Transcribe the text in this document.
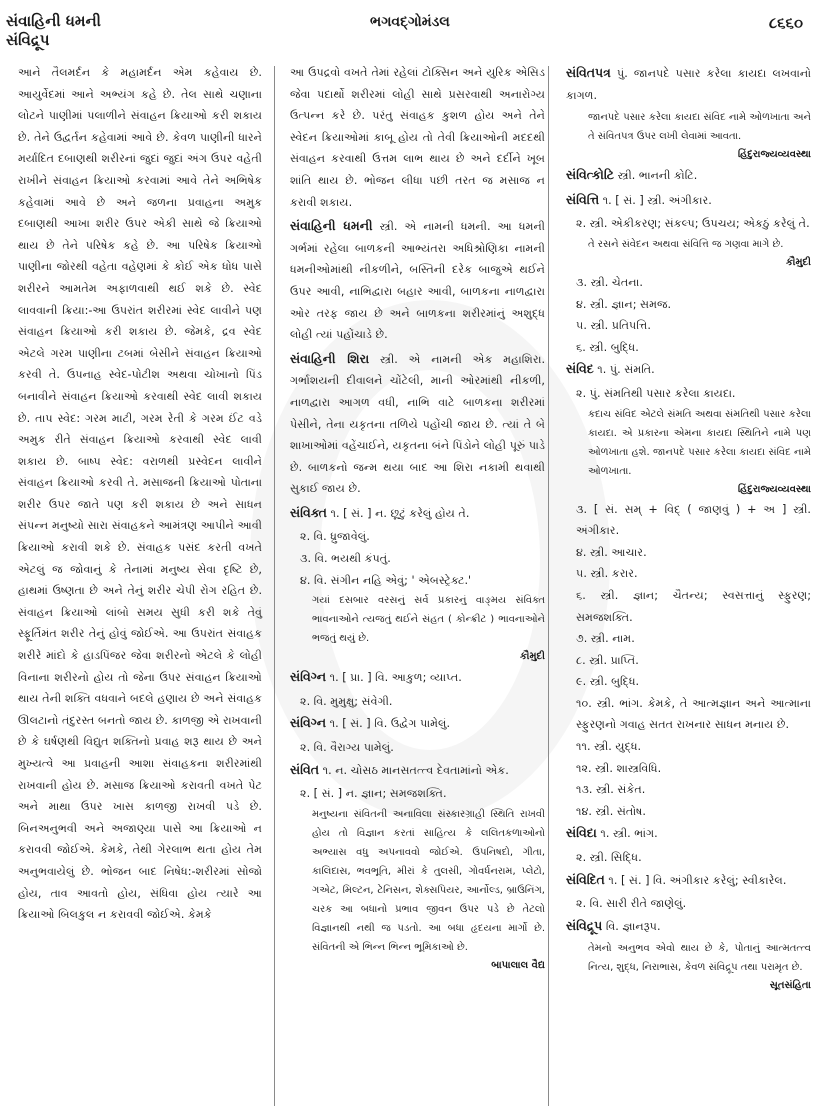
સંવાહિની ધમની
સંવિદ્રૂપ
ભગવદ્ગોમંડલ	૮૬૬૦

આને તૈલમર્દન કે મહામર્દન એમ કહેવાય છે. આયુર્વેદમાં આને અભ્યંગ કહે છે. તેલ સાથે ચણાના લોટને પાણીમાં પલાળીને સંવાહન ક્રિયાઓ કરી શકાય છે. તેને ઉદ્વર્તન કહેવામાં આવે છે. કેવળ પાણીની ધારને મર્યાદિત દબાણથી શરીરનાં જુદાં જુદાં અંગ ઉપર વહેતી રાખીને સંવાહન ક્રિયાઓ કરવામાં આવે તેને અભિષેક કહેવામાં આવે છે અને જળના પ્રવાહના અમુક દબાણથી આખા શરીર ઉપર એકી સાથે જે ક્રિયાઓ થાય છે તેને પરિષેક કહે છે. આ પરિષેક ક્રિયાઓ પાણીના જોરથી વહેતા વહેણમાં કે કોઈ એક ધોધ પાસે શરીરને આમતેમ અફાળવાથી થઈ શકે છે. સ્વેદ લાવવાની ક્રિયા:-આ ઉપરાંત શરીરમાં સ્વેદ લાવીને પણ સંવાહન ક્રિયાઓ કરી શકાય છે. જેમકે, દ્રવ સ્વેદ એટલે ગરમ પાણીના ટબમાં બેસીને સંવાહન ક્રિયાઓ કરવી તે. ઉપનાહ સ્વેદ-પોટીશ અથવા ચોખાનો પિંડ બનાવીને સંવાહન ક્રિયાઓ કરવાથી સ્વેદ લાવી શકાય છે. તાપ સ્વેદ: ગરમ માટી, ગરમ રેતી કે ગરમ ઈંટ વડે અમુક રીતે સંવાહન ક્રિયાઓ કરવાથી સ્વેદ લાવી શકાય છે. બાષ્પ સ્વેદ: વરાળથી પ્રસ્વેદન લાવીને સંવાહન ક્રિયાઓ કરવી તે. મસાજની ક્રિયાઓ પોતાના શરીર ઉપર જાતે પણ કરી શકાય છે અને સાધન સંપન્ન મનુષ્યો સારા સંવાહકને આમંત્રણ આપીને આવી ક્રિયાઓ કરાવી શકે છે. સંવાહક પસંદ કરતી વખતે એટલું જ જોવાનું કે તેનામાં મનુષ્ય સેવા દૃષ્ટિ છે, હાથમાં ઉષ્ણતા છે અને તેનું શરીર ચેપી રોગ રહિત છે. સંવાહન ક્રિયાઓ લાંબો સમય સુધી કરી શકે તેવું સ્ફૂર્તિમંત શરીર તેનું હોવું જોઈએ. આ ઉપરાંત સંવાહક શરીરે માંદો કે હાડપિંજર જેવા શરીરનો એટલે કે લોહી વિનાના શરીરનો હોય તો જેના ઉપર સંવાહન ક્રિયાઓ થાય તેની શક્તિ વધવાને બદલે હણાય છે અને સંવાહક ઊલટાનો તંદુરસ્ત બનતો જાય છે. કાળજી એ રાખવાની છે કે ઘર્ષણથી વિદ્યુત શક્તિનો પ્રવાહ શરૂ થાય છે અને મુખ્યત્વે આ પ્રવાહની આશા સંવાહકના શરીરમાંથી રાખવાની હોય છે. મસાજ ક્રિયાઓ કરાવતી વખતે પેટ અને માથા ઉપર ખાસ કાળજી રાખવી પડે છે. બિનઅનુભવી અને અજાણ્યા પાસે આ ક્રિયાઓ ન કરાવવી જોઈએ. કેમકે, તેથી ગેરલાભ થતા હોય તેમ અનુભવાયેલું છે. ભોજન બાદ નિષેધ:-શરીરમાં સોજો હોય, તાવ આવતો હોય, સંધિવા હોય ત્યારે આ ક્રિયાઓ બિલકુલ ન કરાવવી જોઈએ. કેમકે

આ ઉપદ્રવો વખતે તેમાં રહેલાં ટોક્સિન અને યુરિક એસિડ જેવા પદાર્થો શરીરમાં લોહી સાથે પ્રસરવાથી અનારોગ્ય ઉત્પન્ન કરે છે. પરંતુ સંવાહક કુશળ હોય અને તેને સ્વેદન ક્રિયાઓમાં કાબૂ હોય તો તેવી ક્રિયાઓની મદદથી સંવાહન કરવાથી ઉત્તમ લાભ થાય છે અને દર્દીને ખૂબ શાંતિ થાય છે. ભોજન લીધા પછી તરત જ મસાજ ન કરાવી શકાય.

સંવાહિની ધમની સ્ત્રી. એ નામની ધમની. આ ધમની ગર્ભમાં રહેલા બાળકની આભ્યંતરા અધિશ્રોણિકા નામની ધમનીઓમાંથી નીકળીને, બસ્તિની દરેક બાજુએ થઈને ઉપર આવી, નાભિદ્વારા બહાર આવી, બાળકના નાળદ્વારા ઓર તરફ જાય છે અને બાળકના શરીરમાંનું અશુદ્ધ લોહી ત્યાં પહોંચાડે છે.

સંવાહિની શિરા સ્ત્રી. એ નામની એક મહાશિરા. ગર્ભાશયની દીવાલને ચોંટેલી, માની ઓરમાંથી નીકળી, નાળદ્વારા આગળ વધી, નાભિ વાટે બાળકના શરીરમાં પેસીને, તેના યકૃતના તળિયે પહોંચી જાય છે. ત્યાં તે બે શાખાઓમાં વહેંચાઈને, યકૃતના બંને પિંડોને લોહી પૂરું પાડે છે. બાળકનો જન્મ થયા બાદ આ શિરા નકામી થવાથી સુકાઈ જાય છે.

સંવિક્ત ૧. [ સં. ] ન. છૂટું કરેલું હોય તે.

૨. વિ. ધ્રુજાવેલું.

૩. વિ. ભયથી કંપતું.

૪. વિ. સંગીન નહિ એવું; ' એબસ્ટ્રેક્ટ.'

ગયાં દસબાર વરસનું સર્વ પ્રકારનું વાઙ્મય સંવિક્ત ભાવનાઓને ત્યજતું થઈને સંહત ( કોન્ક્રીટ ) ભાવનાઓને ભજતું થયું છે.

કૌમુદી

સંવિગ્ન ૧. [ પ્રા. ] વિ. આકુળ; વ્યાપ્ત.

૨. વિ. મુમુક્ષુ; સંવેગી.

સંવિગ્ન ૧. [ સં. ] વિ. ઉદ્વેગ પામેલું.

૨. વિ. વૈરાગ્ય પામેલું.

સંવિત ૧. ન. ચોસઠ માનસતત્ત્વ દેવતામાંનો એક.

૨. [ સં. ] ન. જ્ઞાન; સમજશક્તિ.

મનુષ્યના સંવિતની અનાવિલા સંસ્કારગ્રાહી સ્થિતિ રાખવી હોય તો વિજ્ઞાન કરતાં સાહિત્ય કે લલિતકળાઓનો અભ્યાસ વધુ અપનાવવો જોઈએ. ઉપનિષદો, ગીતા, કાલિદાસ, ભવભૂતિ, મીરાં કે તુલસી, ગોવર્ધનરામ, પ્લેટો, ગએટ, મિલ્ટન, ટેનિસન, શેક્સપિયર, આર્નોલ્ડ, બ્રાઉનિંગ, ચરક આ બધાનો પ્રભાવ જીવન ઉપર પડે છે તેટલો વિજ્ઞાનથી નથી જ પડતો. આ બધા હૃદયના માર્ગો છે. સંવિતની એ ભિન્ન ભિન્ન ભૂમિકાઓ છે.

બાપાલાલ વૈદ્ય

સંવિતપત્ર પું. જાનપદે પસાર કરેલા કાયદા લખવાનો કાગળ.

જાનપદે પસાર કરેલા કાયદા સંવિદ નામે ઓળખાતા અને તે સંવિતપત્ર ઉપર લખી લેવામાં આવતા.

હિંદુરાજ્યવ્યવસ્થા

સંવિત્કોટિ સ્ત્રી. ભાનની કોટિ.

સંવિત્તિ ૧. [ સં. ] સ્ત્રી. અંગીકાર.

૨. સ્ત્રી. એકીકરણ; સંકલ્પ; ઉપચય; એકઠું કરેલું તે.

તે રસને સંવેદન અથવા સંવિત્તિ જ ગણવા માગે છે.

કૌમુદી

૩. સ્ત્રી. ચેતના.

૪. સ્ત્રી. જ્ઞાન; સમજ.

૫. સ્ત્રી. પ્રતિપત્તિ.

૬. સ્ત્રી. બુદ્ધિ.

સંવિદ ૧. પું. સંમતિ.

૨. પું. સંમતિથી પસાર કરેલા કાયદા.

કદાચ સંવિદ એટલે સંમતિ અથવા સંમતિથી પસાર કરેલા કાયદા. એ પ્રકારના એમના કાયદા સ્થિતિને નામે પણ ઓળખાતા હશે. જાનપદે પસાર કરેલા કાયદા સંવિદ નામે ઓળખાતા.

હિંદુરાજ્યવ્યવસ્થા

૩. [ સં. સમ્ + વિદ્ ( જાણવું ) + અ ] સ્ત્રી. અંગીકાર.

૪. સ્ત્રી. આચાર.

૫. સ્ત્રી. કરાર.

૬. સ્ત્રી. જ્ઞાન; ચૈતન્ય; સ્વસત્તાનું સ્ફુરણ; સમજશક્તિ.

૭. સ્ત્રી. નામ.

૮. સ્ત્રી. પ્રાપ્તિ.

૯. સ્ત્રી. બુદ્ધિ.

૧૦. સ્ત્રી. ભાંગ. કેમકે, તે આત્મજ્ઞાન અને આત્માના સ્ફુરણનો ગવાહ સતત રાખનાર સાધન મનાય છે.

૧૧. સ્ત્રી. યુદ્ધ.

૧૨. સ્ત્રી. શાસ્ત્રવિધિ.

૧૩. સ્ત્રી. સંકેત.

૧૪. સ્ત્રી. સંતોષ.

સંવિદા ૧. સ્ત્રી. ભાંગ.

૨. સ્ત્રી. સિદ્ધિ.

સંવિદિત ૧. [ સં. ] વિ. અંગીકાર કરેલું; સ્વીકારેલ.

૨. વિ. સારી રીતે જાણેલું.

સંવિદ્રૂપ વિ. જ્ઞાનરૂપ.

તેમનો અનુભવ એવો થાય છે કે, પોતાનું આત્મતત્ત્વ નિત્ય, શુદ્ધ, નિરાભાસ, કેવળ સંવિદ્રૂપ તથા પરામૃત છે.

સૂતસંહિતા
